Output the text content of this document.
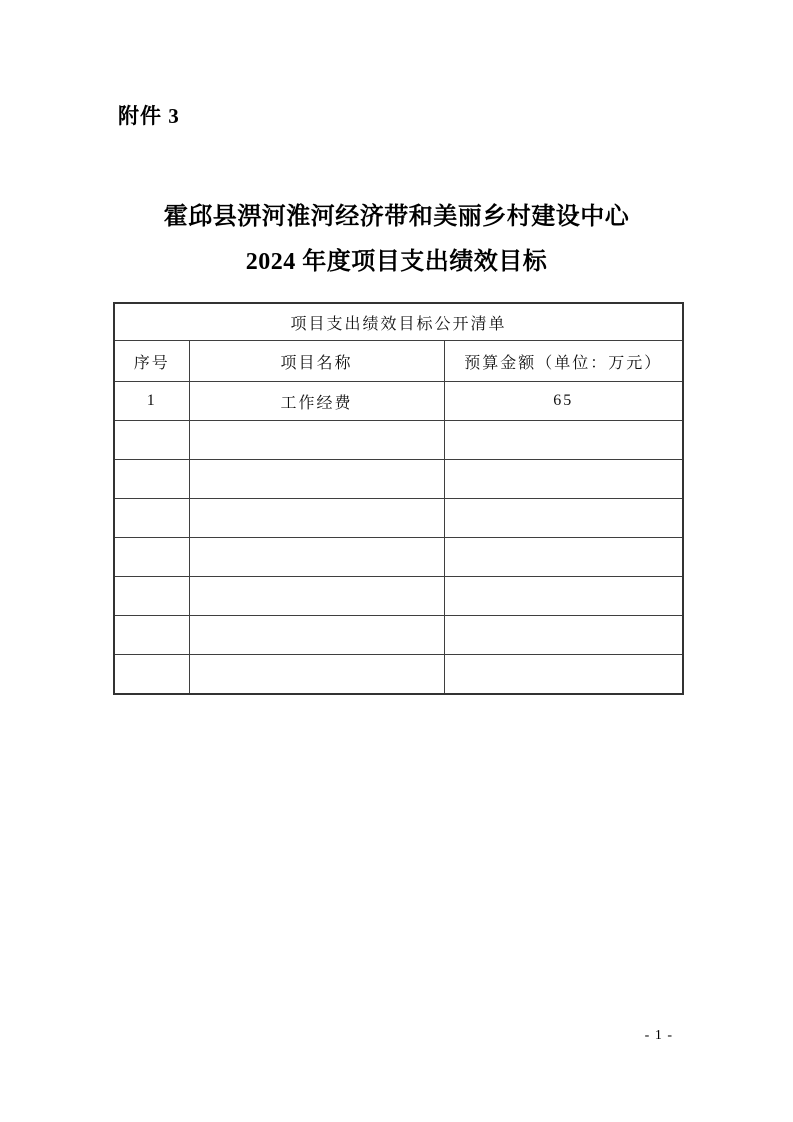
附件 3
霍邱县淠河淮河经济带和美丽乡村建设中心
2024 年度项目支出绩效目标
项目支出绩效目标公开清单		
序号	项目名称	预算金额（单位：万元）
1	工作经费	65

- 1 -
